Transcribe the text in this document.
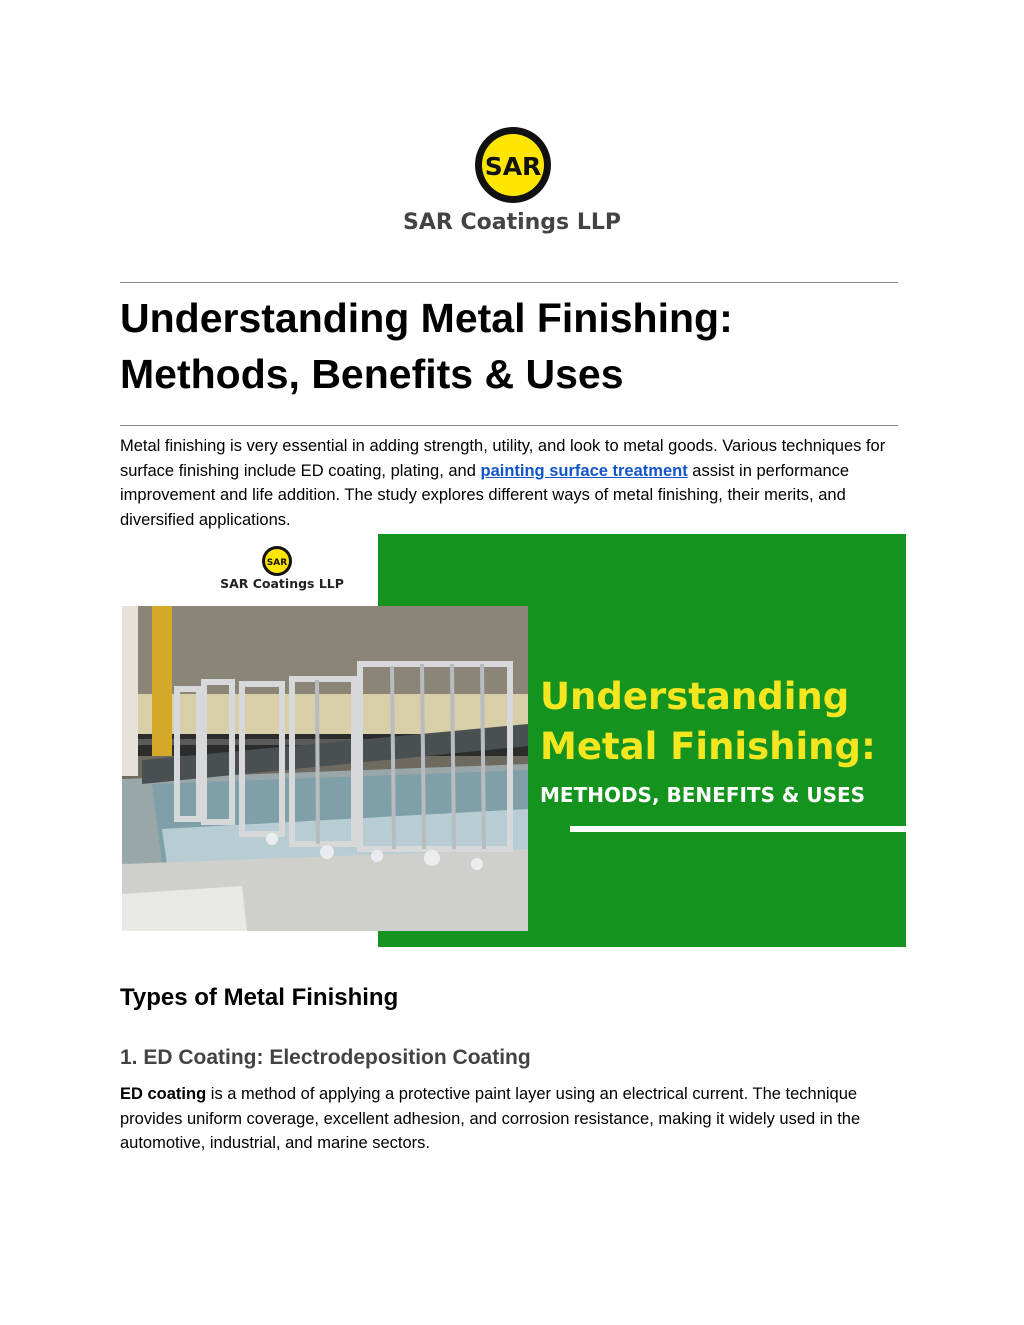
SAR
SAR Coatings LLP
Understanding Metal Finishing:
Methods, Benefits & Uses

Metal finishing is very essential in adding strength, utility, and look to metal goods. Various techniques for surface finishing include ED coating, plating, and painting surface treatment assist in performance improvement and life addition. The study explores different ways of metal finishing, their merits, and diversified applications.

SAR
SAR Coatings LLP
Understanding
Metal Finishing:
METHODS, BENEFITS & USES
Types of Metal Finishing
1. ED Coating: Electrodeposition Coating

ED coating is a method of applying a protective paint layer using an electrical current. The technique provides uniform coverage, excellent adhesion, and corrosion resistance, making it widely used in the automotive, industrial, and marine sectors.
